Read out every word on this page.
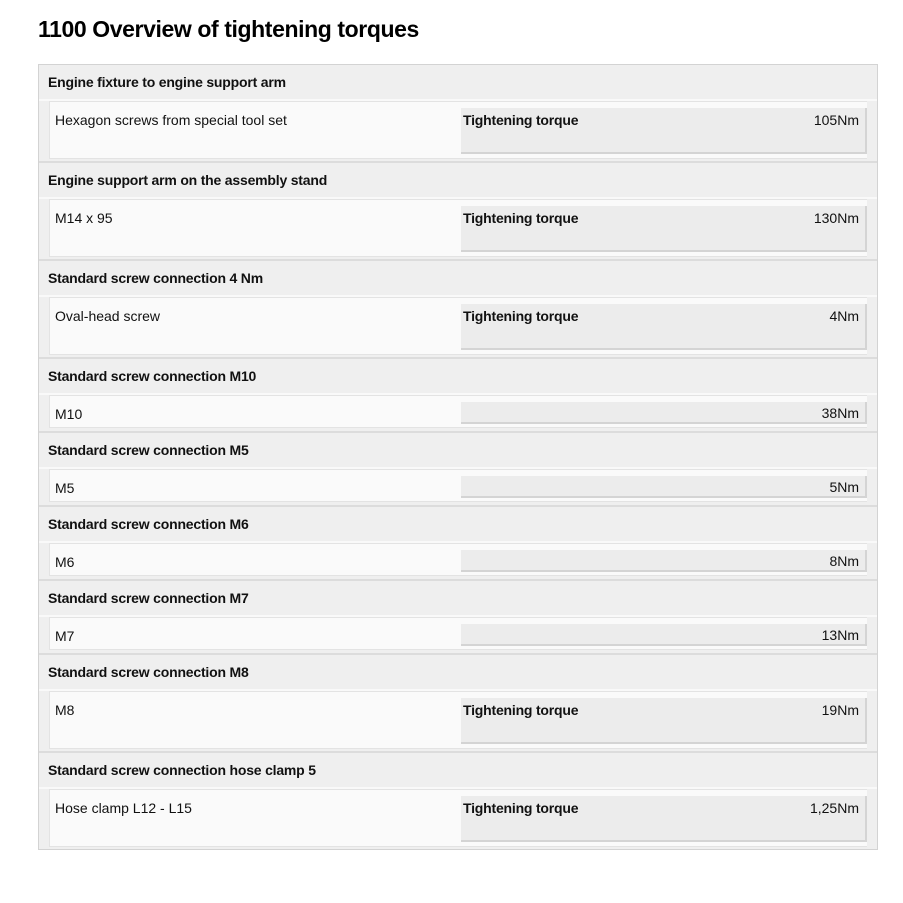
1100 Overview of tightening torques
Engine fixture to engine support arm
Hexagon screws from special tool set	Tightening torque	105Nm
Engine support arm on the assembly stand
M14 x 95	Tightening torque	130Nm
Standard screw connection 4 Nm
Oval-head screw	Tightening torque	4Nm
Standard screw connection M10
M10	38Nm
Standard screw connection M5
M5	5Nm
Standard screw connection M6
M6	8Nm
Standard screw connection M7
M7	13Nm
Standard screw connection M8
M8	Tightening torque	19Nm
Standard screw connection hose clamp 5
Hose clamp L12 - L15	Tightening torque	1,25Nm
